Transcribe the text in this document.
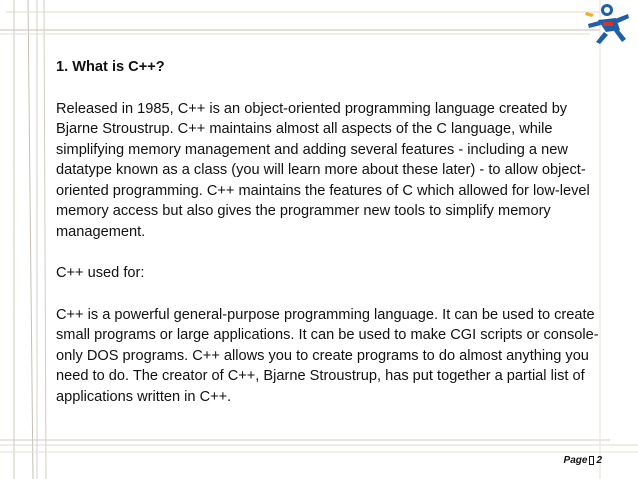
1. What is C++?

Released in 1985, C++ is an object-oriented programming language created by Bjarne Stroustrup. C++ maintains almost all aspects of the C language, while simplifying memory management and adding several features - including a new datatype known as a class (you will learn more about these later) - to allow object-oriented programming. C++ maintains the features of C which allowed for low-level memory access but also gives the programmer new tools to simplify memory management.

C++ used for:

C++ is a powerful general-purpose programming language. It can be used to create small programs or large applications. It can be used to make CGI scripts or console-only DOS programs. C++ allows you to create programs to do almost anything you need to do. The creator of C++, Bjarne Stroustrup, has put together a partial list of applications written in C++.

Page 2
